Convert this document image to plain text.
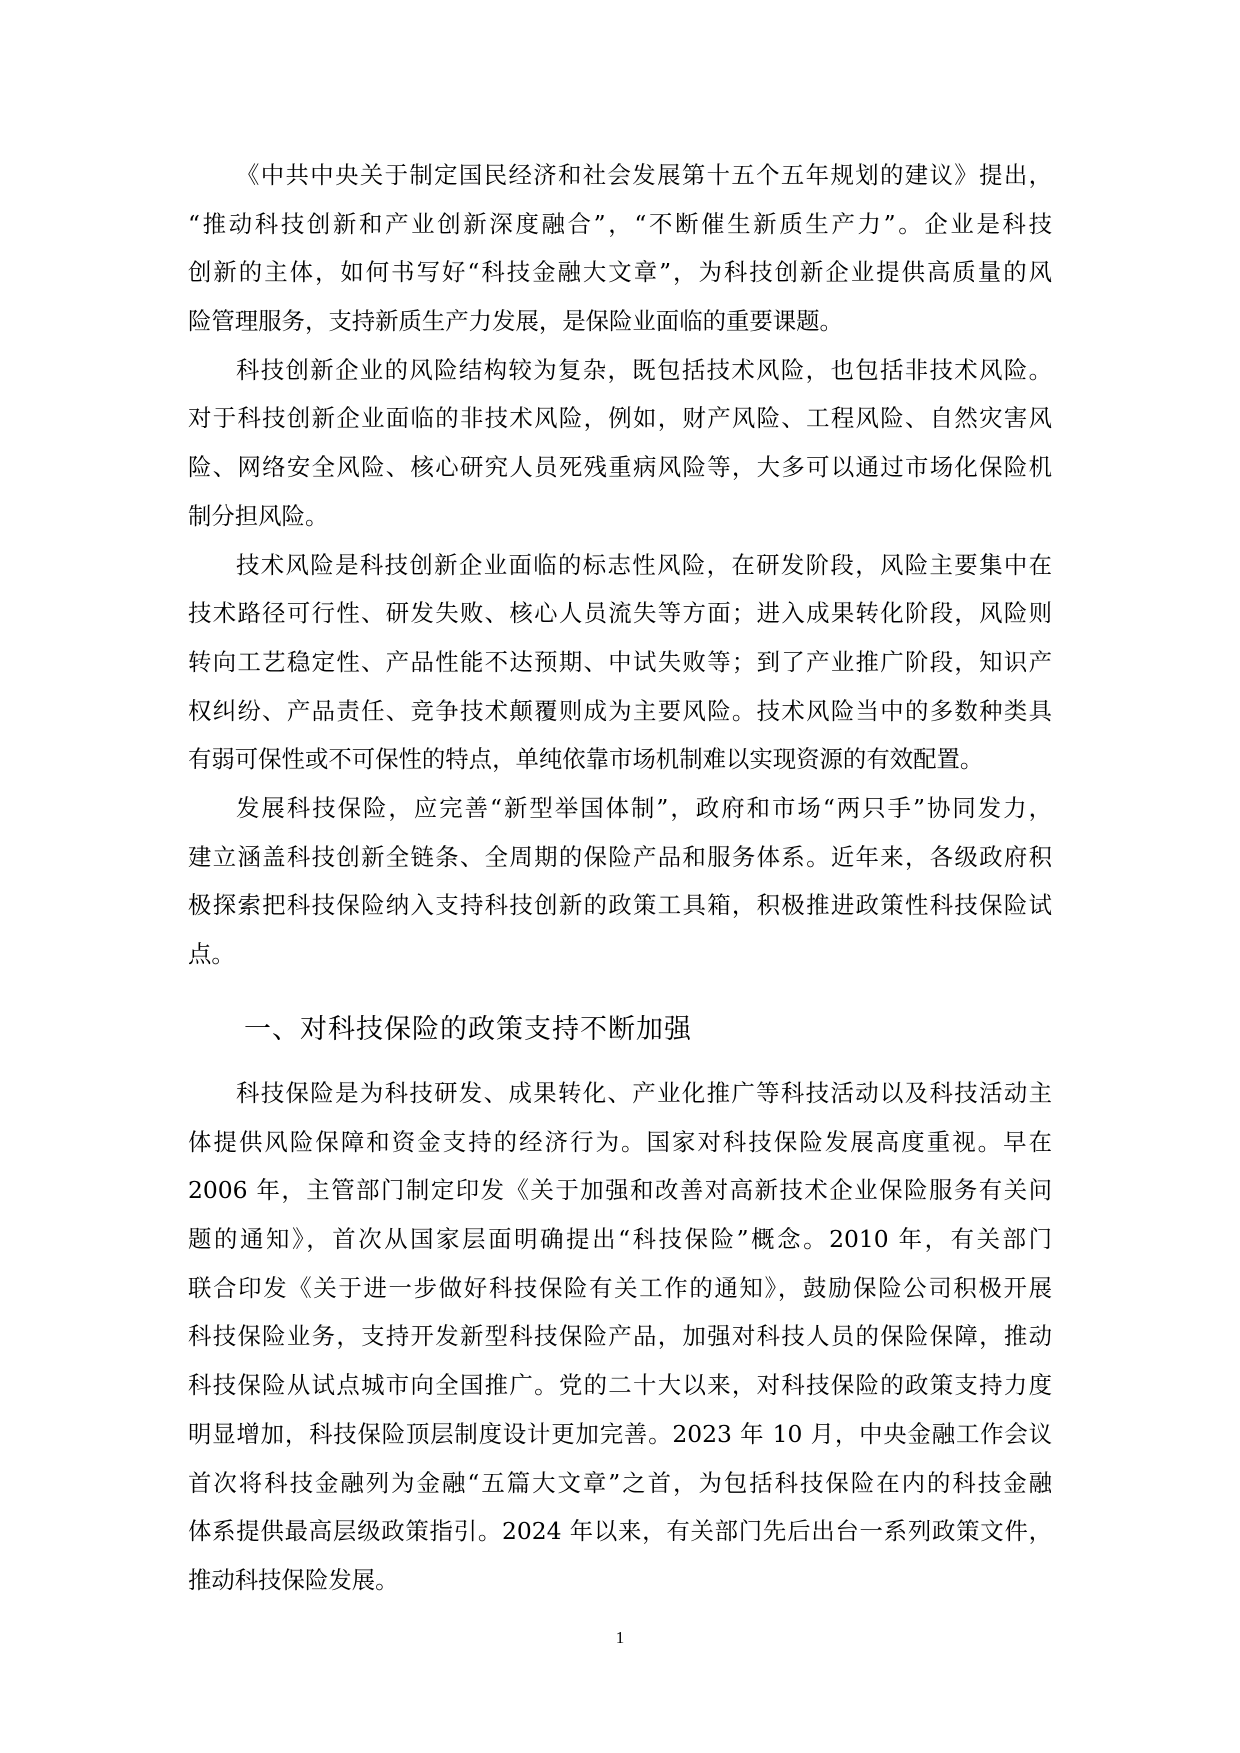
《中共中央关于制定国民经济和社会发展第十五个五年规划的建议》提出，
“推动科技创新和产业创新深度融合”，“不断催生新质生产力”。企业是科技
创新的主体，如何书写好“科技金融大文章”，为科技创新企业提供高质量的风
险管理服务，支持新质生产力发展，是保险业面临的重要课题。
科技创新企业的风险结构较为复杂，既包括技术风险，也包括非技术风险。
对于科技创新企业面临的非技术风险，例如，财产风险、工程风险、自然灾害风
险、网络安全风险、核心研究人员死残重病风险等，大多可以通过市场化保险机
制分担风险。
技术风险是科技创新企业面临的标志性风险，在研发阶段，风险主要集中在
技术路径可行性、研发失败、核心人员流失等方面；进入成果转化阶段，风险则
转向工艺稳定性、产品性能不达预期、中试失败等；到了产业推广阶段，知识产
权纠纷、产品责任、竞争技术颠覆则成为主要风险。技术风险当中的多数种类具
有弱可保性或不可保性的特点，单纯依靠市场机制难以实现资源的有效配置。
发展科技保险，应完善“新型举国体制”，政府和市场“两只手”协同发力，
建立涵盖科技创新全链条、全周期的保险产品和服务体系。近年来，各级政府积
极探索把科技保险纳入支持科技创新的政策工具箱，积极推进政策性科技保险试
点。
一、对科技保险的政策支持不断加强
科技保险是为科技研发、成果转化、产业化推广等科技活动以及科技活动主
体提供风险保障和资金支持的经济行为。国家对科技保险发展高度重视。早在
2006 年，主管部门制定印发《关于加强和改善对高新技术企业保险服务有关问
题的通知》，首次从国家层面明确提出“科技保险”概念。2010 年，有关部门
联合印发《关于进一步做好科技保险有关工作的通知》，鼓励保险公司积极开展
科技保险业务，支持开发新型科技保险产品，加强对科技人员的保险保障，推动
科技保险从试点城市向全国推广。党的二十大以来，对科技保险的政策支持力度
明显增加，科技保险顶层制度设计更加完善。2023 年 10 月，中央金融工作会议
首次将科技金融列为金融“五篇大文章”之首，为包括科技保险在内的科技金融
体系提供最高层级政策指引。2024 年以来，有关部门先后出台一系列政策文件，
推动科技保险发展。
1
